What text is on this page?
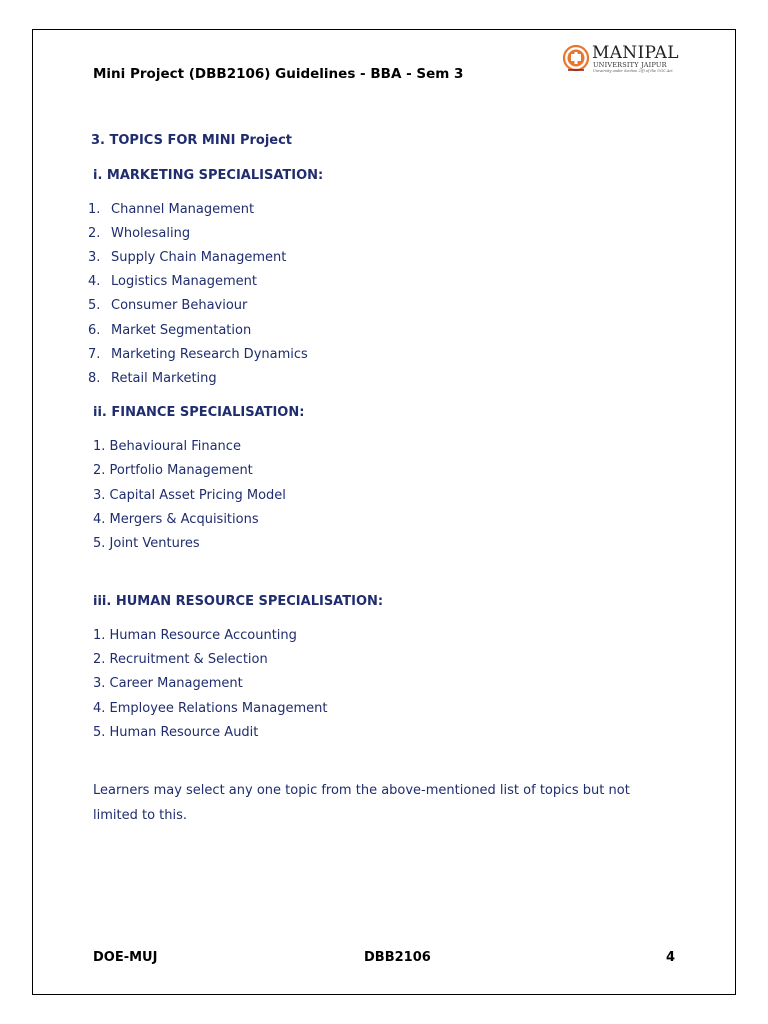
Mini Project (DBB2106) Guidelines - BBA - Sem 3
MANIPAL
UNIVERSITY JAIPUR
University under Section 2(f) of the UGC Act
3. TOPICS FOR MINI Project
i. MARKETING SPECIALISATION:
1. Channel Management
2. Wholesaling
3. Supply Chain Management
4. Logistics Management
5. Consumer Behaviour
6. Market Segmentation
7. Marketing Research Dynamics
8. Retail Marketing
ii. FINANCE SPECIALISATION:
1. Behavioural Finance
2. Portfolio Management
3. Capital Asset Pricing Model
4. Mergers & Acquisitions
5. Joint Ventures
iii. HUMAN RESOURCE SPECIALISATION:
1. Human Resource Accounting
2. Recruitment & Selection
3. Career Management
4. Employee Relations Management
5. Human Resource Audit
Learners may select any one topic from the above-mentioned list of topics but not limited to this.
DOE-MUJ	DBB2106	4
